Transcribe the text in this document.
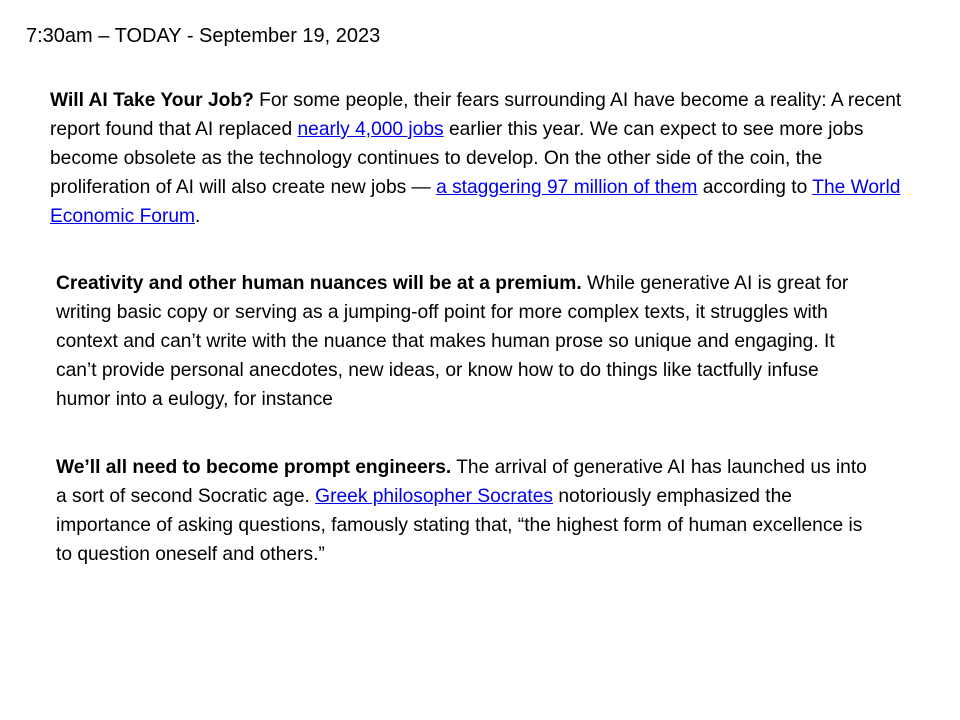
7:30am – TODAY - September 19, 2023

Will AI Take Your Job? For some people, their fears surrounding AI have become a reality: A recent report found that AI replaced nearly 4,000 jobs earlier this year. We can expect to see more jobs become obsolete as the technology continues to develop. On the other side of the coin, the proliferation of AI will also create new jobs — a staggering 97 million of them according to The World Economic Forum.

Creativity and other human nuances will be at a premium. While generative AI is great for writing basic copy or serving as a jumping-off point for more complex texts, it struggles with context and can’t write with the nuance that makes human prose so unique and engaging. It can’t provide personal anecdotes, new ideas, or know how to do things like tactfully infuse humor into a eulogy, for instance

We’ll all need to become prompt engineers. The arrival of generative AI has launched us into a sort of second Socratic age. Greek philosopher Socrates notoriously emphasized the importance of asking questions, famously stating that, “the highest form of human excellence is to question oneself and others.”
